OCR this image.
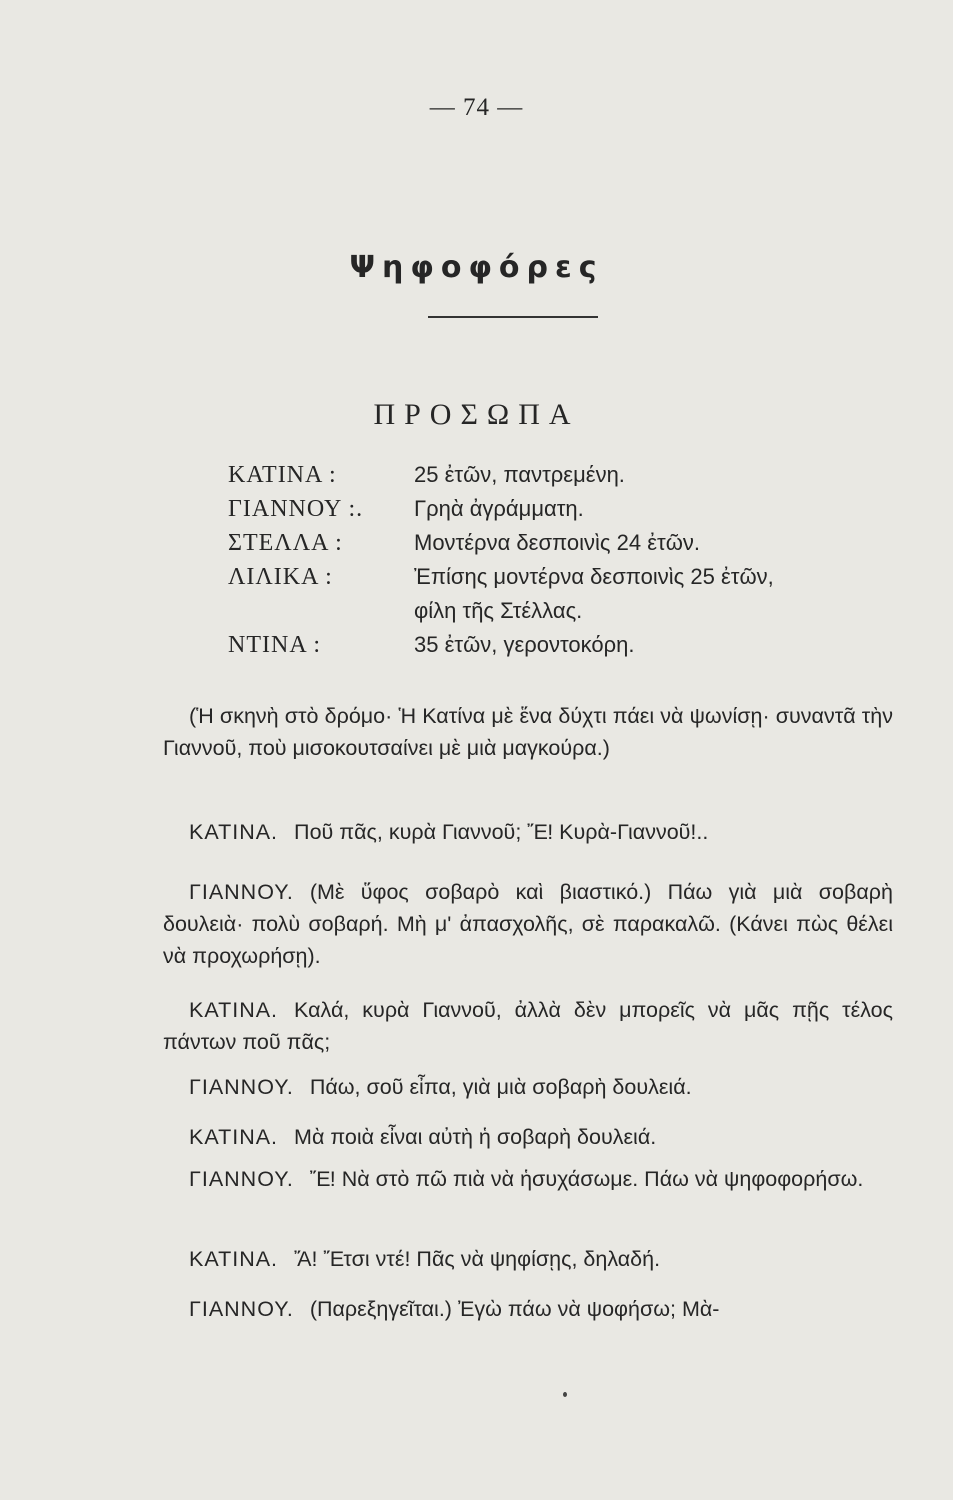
— 74 —
Ψηφοφόρες
ΠΡΟΣΩΠΑ
ΚΑΤΙΝΑ :	25 ἐτῶν, παντρεμένη.
ΓΙΑΝΝΟΥ :.	Γρηὰ ἀγράμματη.
ΣΤΕΛΛΑ :	Μοντέρνα δεσποινὶς 24 ἐτῶν.
ΛΙΛΙΚΑ :	Ἐπίσης μοντέρνα δεσποινὶς 25 ἐτῶν,
φίλη τῆς Στέλλας.
ΝΤΙΝΑ :	35 ἐτῶν, γεροντοκόρη.
(Ἡ σκηνὴ στὸ δρόμο· Ἡ Κατίνα μὲ ἕνα δύχτι πάει νὰ ψωνίσῃ· συναντᾶ τὴν Γιαννοῦ, ποὺ μισοκουτσαίνει μὲ μιὰ μαγκούρα.)
ΚΑΤΙΝΑ. Ποῦ πᾶς, κυρὰ Γιαννοῦ; Ἔ! Κυρὰ-Γιαννοῦ!..
ΓΙΑΝΝΟΥ. (Μὲ ὕφος σοβαρὸ καὶ βιαστικό.) Πάω γιὰ μιὰ σοβαρὴ δουλειὰ· πολὺ σοβαρή. Μὴ μ' ἀπασχολῆς, σὲ παρακαλῶ. (Κάνει πὼς θέλει νὰ προχωρήσῃ).
ΚΑΤΙΝΑ. Καλά, κυρὰ Γιαννοῦ, ἀλλὰ δὲν μπορεῖς νὰ μᾶς πῇς τέλος πάντων ποῦ πᾶς;
ΓΙΑΝΝΟΥ. Πάω, σοῦ εἶπα, γιὰ μιὰ σοβαρὴ δουλειά.
ΚΑΤΙΝΑ. Μὰ ποιὰ εἶναι αὐτὴ ἡ σοβαρὴ δουλειά.
ΓΙΑΝΝΟΥ. Ἔ! Νὰ στὸ πῶ πιὰ νὰ ἡσυχάσωμε. Πάω νὰ ψηφοφορήσω.
ΚΑΤΙΝΑ. Ἄ! Ἔτσι ντέ! Πᾶς νὰ ψηφίσῃς, δηλαδή.
ΓΙΑΝΝΟΥ. (Παρεξηγεῖται.) Ἐγὼ πάω νὰ ψοφήσω; Μὰ-
